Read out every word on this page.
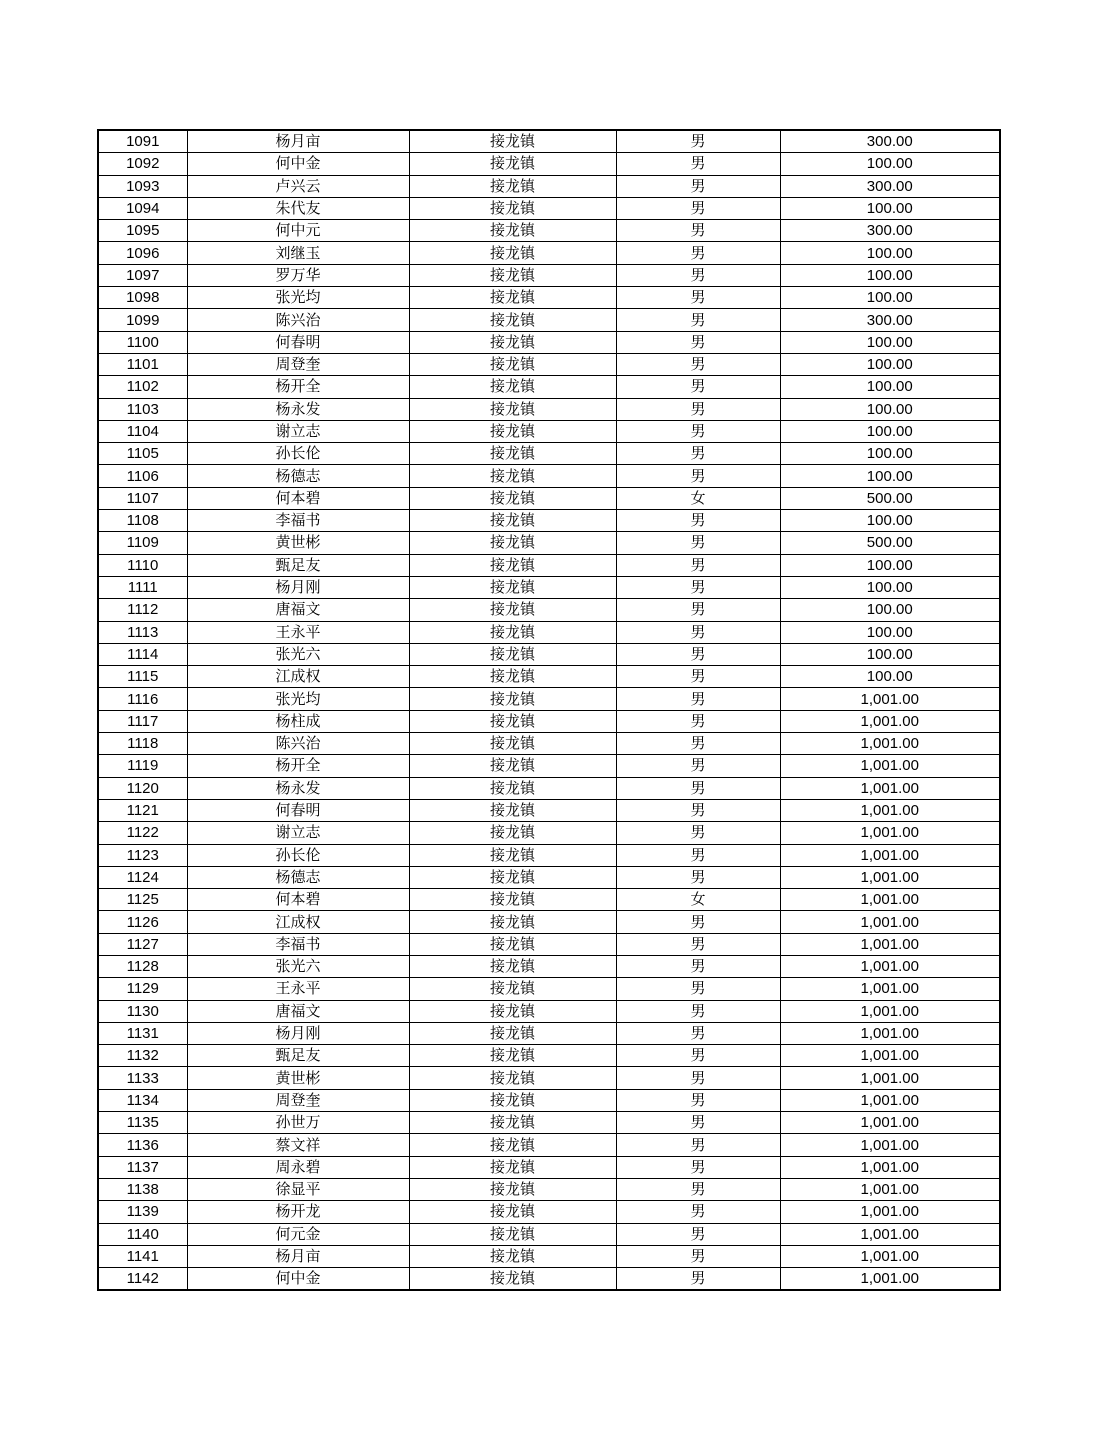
1091	杨月亩	接龙镇	男	300.00
1092	何中金	接龙镇	男	100.00
1093	卢兴云	接龙镇	男	300.00
1094	朱代友	接龙镇	男	100.00
1095	何中元	接龙镇	男	300.00
1096	刘继玉	接龙镇	男	100.00
1097	罗万华	接龙镇	男	100.00
1098	张光均	接龙镇	男	100.00
1099	陈兴治	接龙镇	男	300.00
1100	何春明	接龙镇	男	100.00
1101	周登奎	接龙镇	男	100.00
1102	杨开全	接龙镇	男	100.00
1103	杨永发	接龙镇	男	100.00
1104	谢立志	接龙镇	男	100.00
1105	孙长伦	接龙镇	男	100.00
1106	杨德志	接龙镇	男	100.00
1107	何本碧	接龙镇	女	500.00
1108	李福书	接龙镇	男	100.00
1109	黄世彬	接龙镇	男	500.00
1110	甄足友	接龙镇	男	100.00
1111	杨月刚	接龙镇	男	100.00
1112	唐福文	接龙镇	男	100.00
1113	王永平	接龙镇	男	100.00
1114	张光六	接龙镇	男	100.00
1115	江成权	接龙镇	男	100.00
1116	张光均	接龙镇	男	1,001.00
1117	杨柱成	接龙镇	男	1,001.00
1118	陈兴治	接龙镇	男	1,001.00
1119	杨开全	接龙镇	男	1,001.00
1120	杨永发	接龙镇	男	1,001.00
1121	何春明	接龙镇	男	1,001.00
1122	谢立志	接龙镇	男	1,001.00
1123	孙长伦	接龙镇	男	1,001.00
1124	杨德志	接龙镇	男	1,001.00
1125	何本碧	接龙镇	女	1,001.00
1126	江成权	接龙镇	男	1,001.00
1127	李福书	接龙镇	男	1,001.00
1128	张光六	接龙镇	男	1,001.00
1129	王永平	接龙镇	男	1,001.00
1130	唐福文	接龙镇	男	1,001.00
1131	杨月刚	接龙镇	男	1,001.00
1132	甄足友	接龙镇	男	1,001.00
1133	黄世彬	接龙镇	男	1,001.00
1134	周登奎	接龙镇	男	1,001.00
1135	孙世万	接龙镇	男	1,001.00
1136	蔡文祥	接龙镇	男	1,001.00
1137	周永碧	接龙镇	男	1,001.00
1138	徐显平	接龙镇	男	1,001.00
1139	杨开龙	接龙镇	男	1,001.00
1140	何元金	接龙镇	男	1,001.00
1141	杨月亩	接龙镇	男	1,001.00
1142	何中金	接龙镇	男	1,001.00
